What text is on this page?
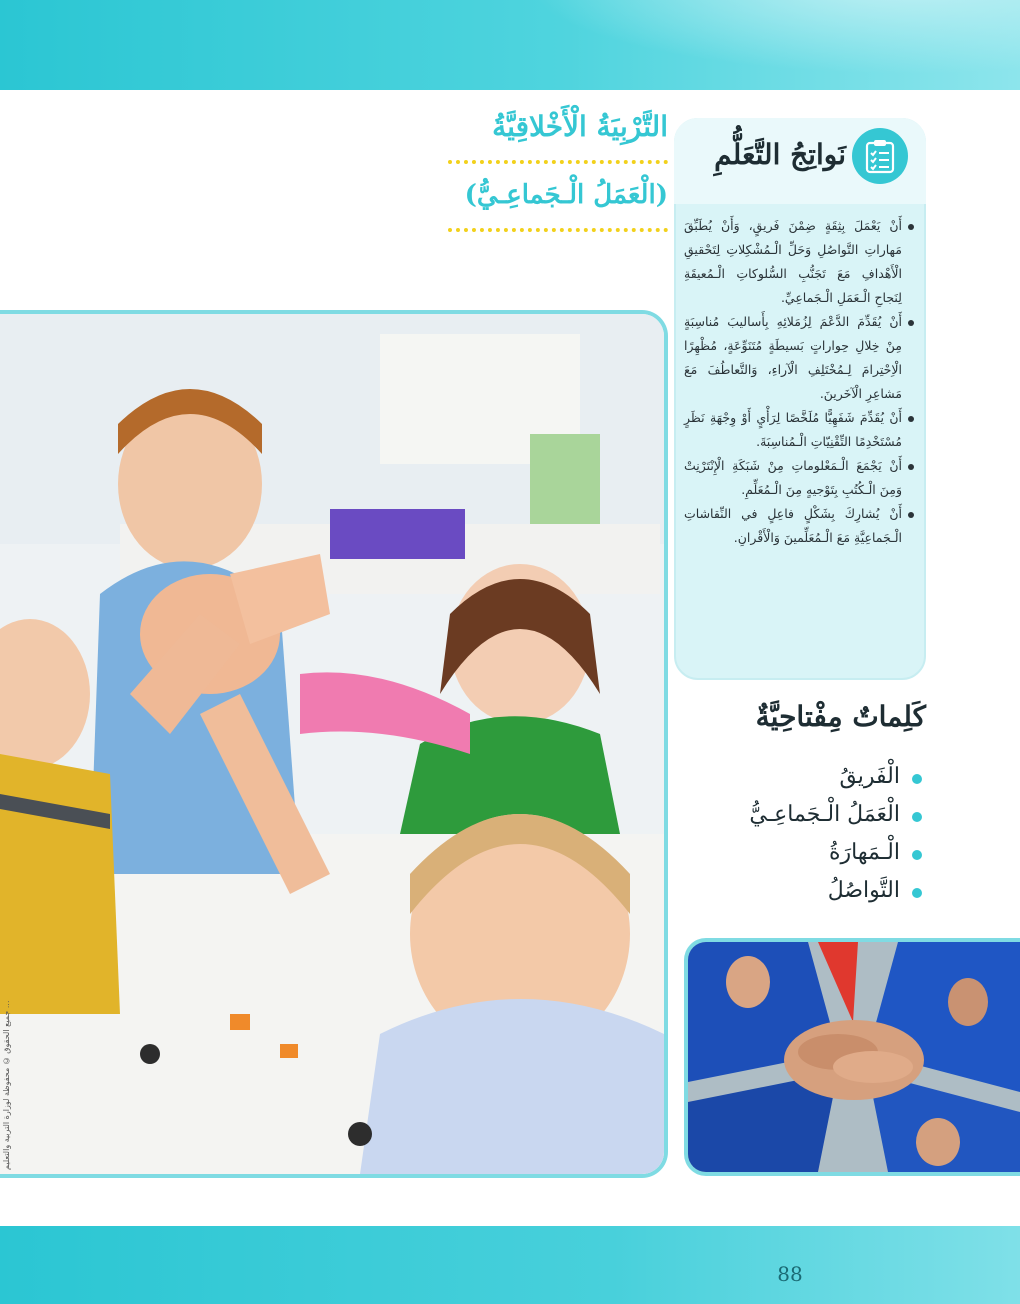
التَّرْبِيَةُ الْأَخْلاقِيَّةُ
(الْعَمَلُ الْـجَماعِـيُّ)
نَواتِجُ التَّعَلُّمِ
أَنْ يَعْمَلَ بِثِقَةٍ ضِمْنَ فَريقٍ، وَأَنْ يُطَبِّقَ مَهاراتِ التَّواصُلِ وَحَلِّ الْـمُشْكِلاتِ لِتَحْقيقِ الْأَهْدافِ مَعَ تَجَنُّبِ السُّلوكاتِ الْـمُعيقَةِ لِنَجاحِ الْـعَمَلِ الْـجَماعِيِّ.
أَنْ يُقَدِّمَ الدَّعْمَ لِزُمَلائِهِ بِأَساليبَ مُناسِبَةٍ مِنْ خِلالِ حِواراتٍ بَسيطَةٍ مُتَنَوِّعَةٍ، مُظْهِرًا الْاِحْتِرامَ لِـمُخْتَلِفِ الْآراءِ، وَالتَّعاطُفَ مَعَ مَشاعِرِ الْآخَرينَ.
أَنْ يُقَدِّمَ شَفَهِيًّا مُلَخَّصًا لِرَأْيٍ أَوْ وِجْهَةِ نَظَرٍ مُسْتَخْدِمًا التِّقْنِيّاتِ الْـمُناسِبَةَ.
أَنْ يَجْمَعَ الْـمَعْلوماتِ مِنْ شَبَكَةِ الْإِنْتَرْنِتْ وَمِنَ الْـكُتُبِ بِتَوْجيهٍ مِنَ الْـمُعَلِّمِ.
أَنْ يُشارِكَ بِشَكْلٍ فاعِلٍ في النِّقاشاتِ الْـجَماعِيَّةِ مَعَ الْـمُعَلِّمينَ وَالْأَقْرانِ.
كَلِماتٌ مِفْتاحِيَّةٌ
الْفَريقُ
الْعَمَلُ الْـجَماعِـيُّ
الْـمَهارَةُ
التَّواصُلُ
جميع الحقوق © محفوظة لوزارة التربية والتعليم ...
88
